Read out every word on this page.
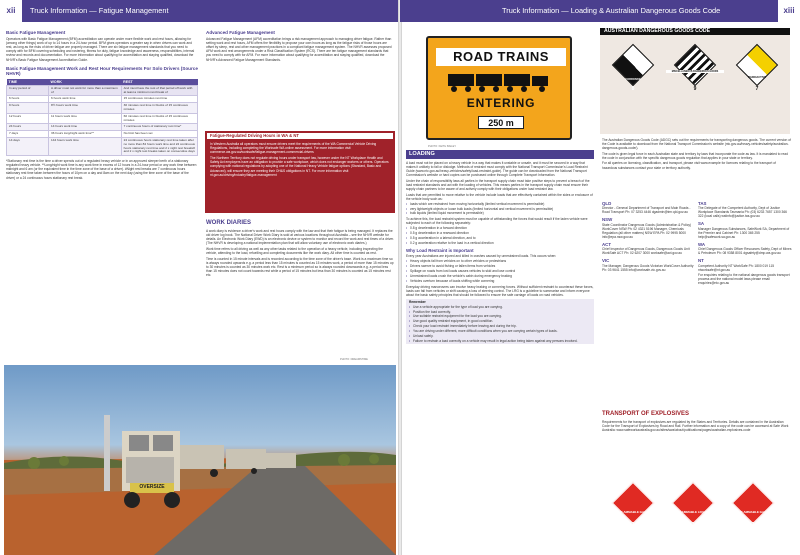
xii	Truck Information — Fatigue Management
Basic Fatigue Management
Operators with Basic Fatigue Management (BFM) accreditation can operate under more flexible work and rest hours, allowing for (among other things) work of up to 14 hours in a 24-hour period. BFM gives operators a greater say in when drivers can work and rest, as long as the risks of driver fatigue are properly managed. There are six fatigue management standards that you need to comply with for BFM covering scheduling and rostering, fitness for duty, fatigue knowledge and awareness, responsibilities, internal review and records and documentation. For more information about qualifying for accreditation and staying qualified, download the NHVR's Basic Fatigue Management Accreditation Guide.
Basic Fatigue Management Work and Rest Hour Requirements For Solo Drivers (Source NHVR)
TIME	WORK	REST
In any period of	A driver must not work for more than a maximum of	And must have the rest of that period off work with at least a minimum rest break of
6 hours	6 hours work time	15 continuous minutes rest time
9 hours	8½ hours work time	30 minutes rest time in blocks of 15 continuous minutes
12 hours	11 hours work time	60 minutes rest time in blocks of 15 continuous minutes
24 hours	14 hours work time	7 continuous hours of stationary rest time*
7 days	36 hours long/night work time**	No limit has been set
14 days	144 hours work time	24 continuous hours stationary rest time taken after no more than 84 hours work time and 24 continuous hours stationary rest time and 2 x night rest breaks# and 2 x night rest breaks taken on consecutive days
*Stationary rest time is the time a driver spends out of a regulated heavy vehicle or in an approved sleeper berth of a stationary regulated heavy vehicle. **Long/night work time is any work time in excess of 12 hours in a 24-hour period or any work time between midnight and 6 am (or the equivalent time in the time zone of the base of a driver). #Night rest breaks are 7 continuous hours stationary rest time taken between the hours of 10pm on a day and 8am on the next day (using the time zone of the base of the driver) or a 24 continuous hours stationary rest break.
Advanced Fatigue Management
Advanced Fatigue Management (AFM) accreditation brings a risk management approach to managing driver fatigue. Rather than setting work and rest hours, AFM offers the flexibility to propose your own hours as long as the fatigue risks of those hours are offset by sleep, rest and other management practices in a compliant fatigue management system. The NHVR assesses proposed AFM work and rest arrangements under a Risk Classification System (RCS). There are ten fatigue management standards that you need to comply with for AFM. For more information about qualifying for accreditation and staying qualified, download the NHVR's Advanced Fatigue Management Standards.
Fatigue-Regulated Driving Hours in WA & NT
In Western Australia all operators must ensure drivers meet the requirements of the WA Commercial Vehicle Driving Regulations, including completing the Worksafe WA online assessment. For more information visit commerce.wa.gov.au/worksafe/fatigue-management-commercial-drivers
The Northern Territory does not regulate driving hours under transport law, however under the NT Workplace Health and Safety Act employers have an obligation to provide a safe workplace, which does not endanger workers or others. Operators complying with national regulations by adopting one of the National Heavy Vehicle fatigue options (Standard, Basic and Advanced), will ensure they are meeting their OH&S obligations in NT. For more information visit nt.gov.au/driving/industry/fatigue-management
WORK DIARIES
A work diary is evidence a driver's work and rest hours comply with the law and that their fatigue is being managed. It replaces the old driver log book. The National Driver Work Diary is sold at various locations throughout Australia – see the NHVR website for details. An Electronic Work Diary (EWD) is an electronic device or system to monitor and record the work and rest times of a driver. (The NHVR is developing a national implementation plan that will allow voluntary use of electronic work diaries.)
Work time refers to all driving as well as any other tasks related to the operation of a heavy vehicle, including inspecting the vehicle, attending to the load, refuelling and completing documents like the work diary. All other time is counted as rest.
Time is counted in 15 minute intervals and is recorded according to the time zone of the driver's base. Work is a maximum time so is always rounded upwards e.g. a period less than 15 minutes is counted as 15 minutes work, a period of more than 15 minutes up to 30 minutes is counted as 30 minutes work etc. Rest is a minimum period so is always rounded downwards e.g. a period less than 15 minutes does not count towards rest while a period of 15 minutes but less than 30 minutes is counted as 15 minutes rest etc.
PHOTO: DREAMSTIME
OVERSIZE
Truck Information — Loading & Australian Dangerous Goods Code	xiii
ROAD TRAINS
ENTERING
250 m
PHOTO: KEITH BAILEY
LOADING
A load must not be placed on a heavy vehicle in a way that makes it unstable or unsafe, and it must be secured in a way that makes it unlikely to fall or dislodge. Methods of restraint must comply with the National Transport Commission's Load Restraint Guide (www.ntc.gov.au/heavy-vehicles/safety/load-restraint-guide). The guide can be downloaded from the National Transport Commission's website or hard copies can be purchased online through Complete Transport Information.
Under the chain of responsibility laws all parties in the transport supply chain must take positive steps to prevent a breach of the load restraint standards and act with the loading of vehicles. This means parties in the transport supply chain must ensure their supply chain partners to be aware of and actively comply with their obligations under load restraint law.
Loads that are permitted to move relative to the vehicle include loads that are effectively contained within the sides or enclosure of the vehicle body such as:
• loads which are restrained from moving horizontally (limited vertical movement is permissible)
• very lightweight objects or loose bulk loads (limited horizontal and vertical movement is permissible)
• bulk liquids (limited liquid movement is permissible)
To achieve this, the load restraint system must be capable of withstanding the forces that would result if the laden vehicle were subjected to each of the following separately:
• 0.8 g deceleration in a forward direction
• 0.5 g deceleration in a rearward direction
• 0.5 g acceleration in a lateral direction, and to
• 0.2 g acceleration relative to the load in a vertical direction
Why Load Restraint is Important
Every year Australians are injured and killed in crashes caused by unrestrained loads. This occurs when:
• Heavy objects fall from vehicles on to other vehicles or pedestrians
• Drivers swerve to avoid fishing or fallen items from vehicles
• Spillage on roads from lost loads causes vehicles to skid and lose control
• Unrestrained loads crush the vehicle's cabin during emergency braking
• Vehicles overturn because of loads shifting while cornering
Everyday driving manoeuvres can involve heavy braking or cornering forces. Without sufficient restraint to counteract these forces, loads can fall from vehicles or shift causing a loss of steering control. The LRG is a guideline to summarise and inform everyone about the basic safety principles that should be followed to ensure the safe carriage of loads on road vehicles.
Remember
• Use a vehicle appropriate for the type of load you are carrying.
• Position the load correctly.
• Use suitable restraint equipment for the load you are carrying.
• Use good quality restraint equipment, in good condition.
• Check your load restraint immediately before leaving and during the trip.
• You are driving under different, more difficult conditions when you are carrying certain types of loads.
• Unload safely.
• Failure to restrain a load correctly on a vehicle may result in legal action being taken against any persons involved.
AUSTRALIAN DANGEROUS GOODS CODE
CORROSIVE
8
MISCELLANEOUS DANGEROUS GOODS
9
RADIOACTIVE
7
The Australian Dangerous Goods Code (ADGC) sets out the requirements for transporting dangerous goods. The current version of the Code is available to download from the National Transport Commission's website (ntc.gov.au/heavy-vehicles/safety/australian-dangerous-goods-code/).
The code is given legal force in each Australian state and territory by laws that incorporate the code as law. It is mandated to read the code in conjunction with the specific dangerous goods regulation that applies in your state or territory.
For all queries on licensing, classification, and transport, please visit www.example for licences relating to the transport of hazardous substances contact your state or territory authority.
QLD
Director - General Department of Transport and Main Roads - Road Transport Ph: 07 3253 4446 dgadmin@tmr.qld.gov.au
NSW
State Coordinator Dangerous Goods (Administration & Policy) WorkCover NSW Ph: 02 4321 5196 Manager, Chemicals Regulation (all other matters) NSW EPA Ph: 02 9995 5000 info@epa.nsw.gov.au
ACT
Chief Inspector of Dangerous Goods, Dangerous Goods Unit WorkSafe ACT Ph: 02 6207 3000 worksafe@act.gov.au
VIC
The Manager, Dangerous Goods Victorian WorkCover Authority Ph: 03 9641 1555 info@worksafe.vic.gov.au
TAS
The Delegate of the Competent Authority, Dept of Justice Workplace Standards Tasmania Ph: (03) 6233 7657 1300 366 322 (local calls) wstinfo@justice.tas.gov.au
SA
Manager Dangerous Substances, SafeWork SA, Department of the Premier and Cabinet Ph: 1300 365 255 help@safework.sa.gov.au
WA
Chief Dangerous Goods Officer Resources Safety, Dept of Mines & Petroleum Ph: 08 9358 8001 dgsafety@dmp.wa.gov.au
NT
Competent Authority NT WorkSafe Ph: 1800 019 115 ntworksafe@nt.gov.au
For enquiries relating to the national dangerous goods transport process and the national model laws please email enquiries@ntc.gov.au
TRANSPORT OF EXPLOSIVES
Requirements for the transport of explosives are regulated by the States and Territories. Details are contained in the Australian Code for the Transport of Explosives by Road and Rail. Further information and a copy of the code can be accessed at Safe Work Australia: www.safeworkaustralia.gov.au/sites/swa/about/publications/pages/australian-explosives-code
FLAMMABLE GAS
2
FLAMMABLE LIQUID
3
FLAMMABLE GAS
2
